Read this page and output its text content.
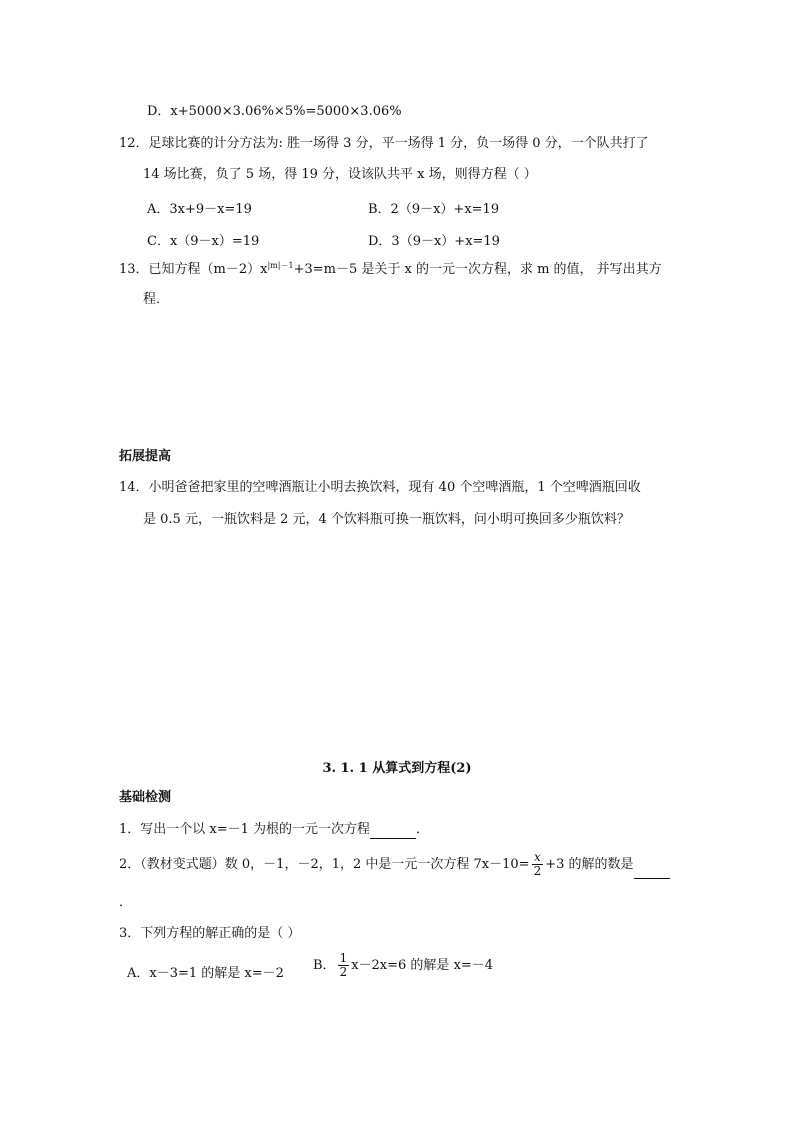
D．x+5000×3.06%×5%=5000×3.06%
12．足球比赛的计分方法为: 胜一场得 3 分，平一场得 1 分，负一场得 0 分，一个队共打了
14 场比赛，负了 5 场，得 19 分，设该队共平 x 场，则得方程（ ）
A．3x+9－x=19	B．2（9－x）+x=19
C．x（9－x）=19	D．3（9－x）+x=19
13．已知方程$(m-2)x^{|m|-1}+3=m-5$ 是关于 x 的一元一次方程，求 m 的值， 并写出其方
程．
拓展提高
14．小明爸爸把家里的空啤酒瓶让小明去换饮料，现有 40 个空啤酒瓶，1 个空啤酒瓶回收
是 0.5 元，一瓶饮料是 2 元，4 个饮料瓶可换一瓶饮料，问小明可换回多少瓶饮料？
3. 1. 1 从算式到方程(2)
基础检测
1．写出一个以 x=－1 为根的一元一次方程	．
2．（教材变式题）数 0，－1，－2，1，2 中是一元一次方程 $7x-10= \frac{x}{2} +3$ 的解的数是
．
3．下列方程的解正确的是（ ）
A．x－3=1 的解是 x=－2
B． $\frac{1}{2} x-2x=6$ 的解是 x=－4
